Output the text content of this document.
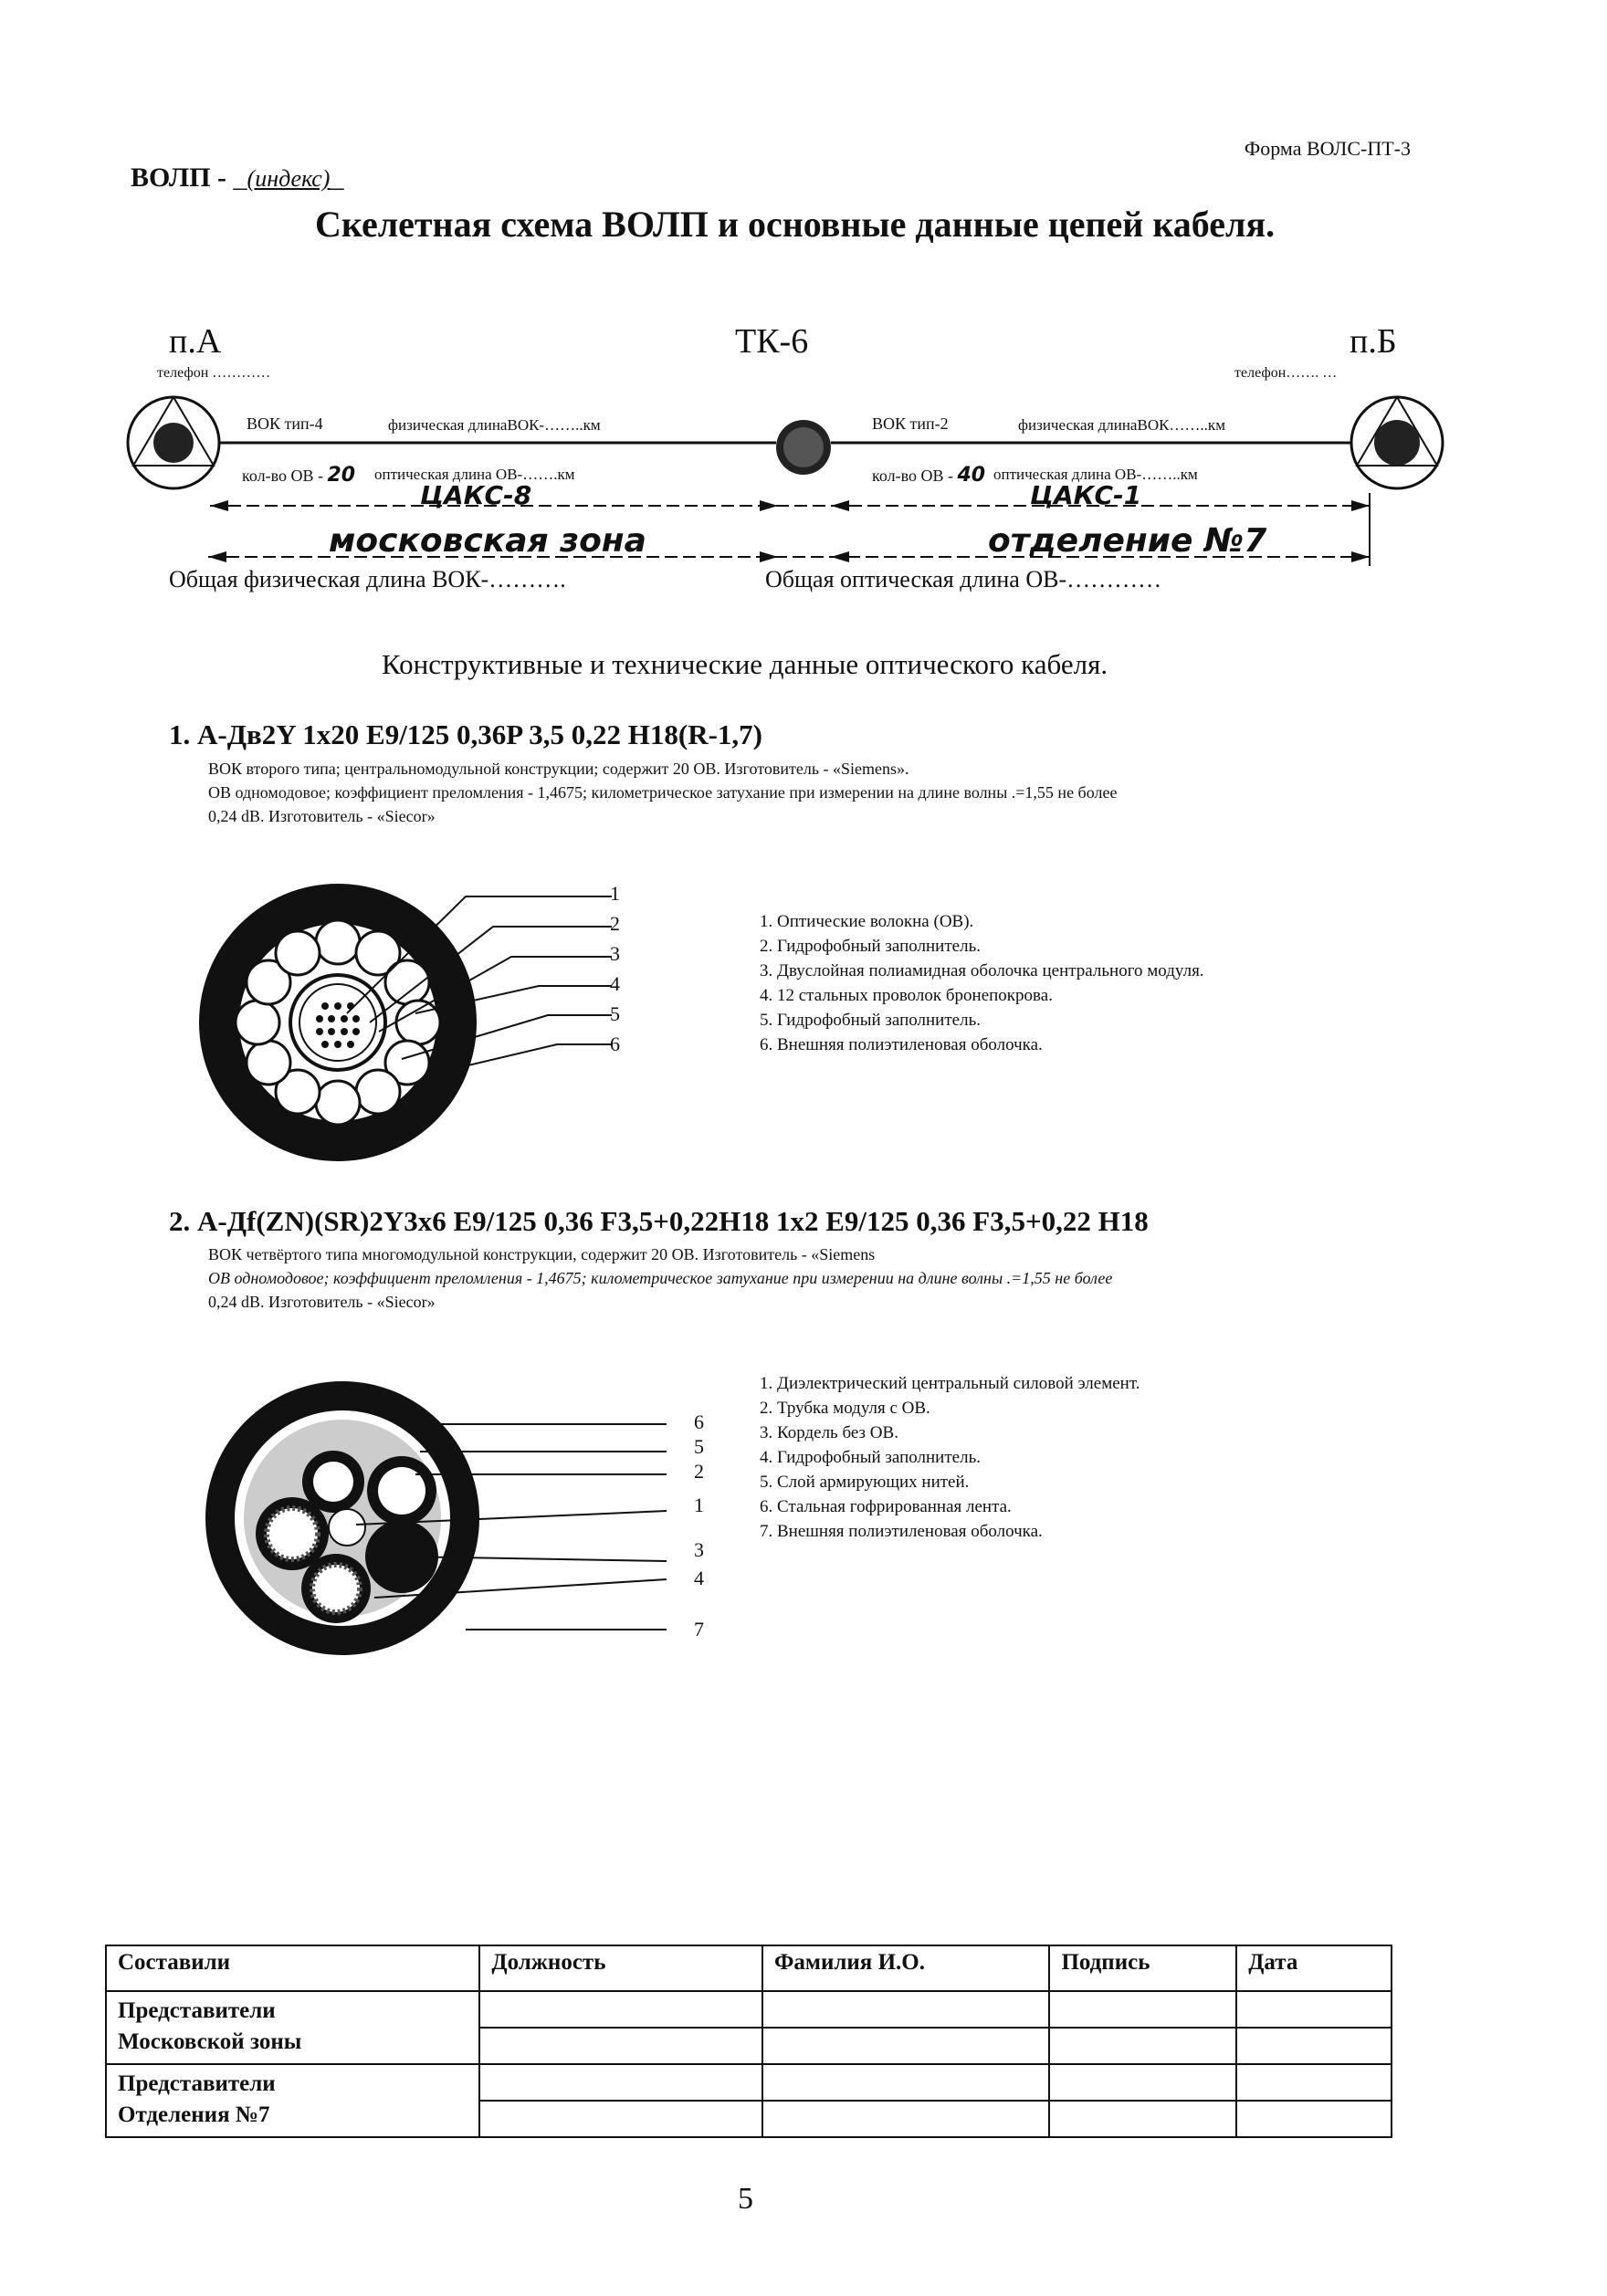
Форма ВОЛС-ПТ-3
ВОЛП - _(индекс)_
Скелетная схема ВОЛП и основные данные цепей кабеля.
п.А	ТК-6	п.Б
телефон …………	телефон……. …
ВОК тип-4	физическая длинаВОК-……..км
кол-во ОВ - 20 оптическая длина ОВ-…….км
ЦАКС-8
московская зона
ВОК тип-2	физическая длинаВОК……..км
кол-во ОВ - 40 оптическая длина ОВ-……..км
ЦАКС-1
отделение №7
Общая физическая длина ВОК-……….	Общая оптическая длина ОВ-…………
Конструктивные и технические данные оптического кабеля.
1. А-Дв2Y 1x20 E9/125 0,36P 3,5 0,22 H18(R-1,7)
ВОК второго типа; центральномодульной конструкции; содержит 20 ОВ. Изготовитель - «Siemens».
ОВ одномодовое; коэффициент преломления - 1,4675; километрическое затухание при измерении на длине волны .=1,55 не более
0,24 dB. Изготовитель - «Siecor»
1
2
3
4
5
6
1. Оптические волокна (ОВ).
2. Гидрофобный заполнитель.
3. Двуслойная полиамидная оболочка центрального модуля.
4. 12 стальных проволок бронепокрова.
5. Гидрофобный заполнитель.
6. Внешняя полиэтиленовая оболочка.
2. А-Дf(ZN)(SR)2Y3x6 E9/125 0,36 F3,5+0,22H18 1x2 E9/125 0,36 F3,5+0,22 H18
ВОК четвёртого типа многомодульной конструкции, содержит 20 ОВ. Изготовитель - «Siemens
ОВ одномодовое; коэффициент преломления - 1,4675; километрическое затухание при измерении на длине волны .=1,55 не более
0,24 dB. Изготовитель - «Siecor»
6
5
2
1
3
4
7
1. Диэлектрический центральный силовой элемент.
2. Трубка модуля с ОВ.
3. Кордель без ОВ.
4. Гидрофобный заполнитель.
5. Слой армирующих нитей.
6. Стальная гофрированная лента.
7. Внешняя полиэтиленовая оболочка.
Составили	Должность	Фамилия И.О.	Подпись	Дата

Представители
Московской зоны				

Представители
Отделения №7				

5
